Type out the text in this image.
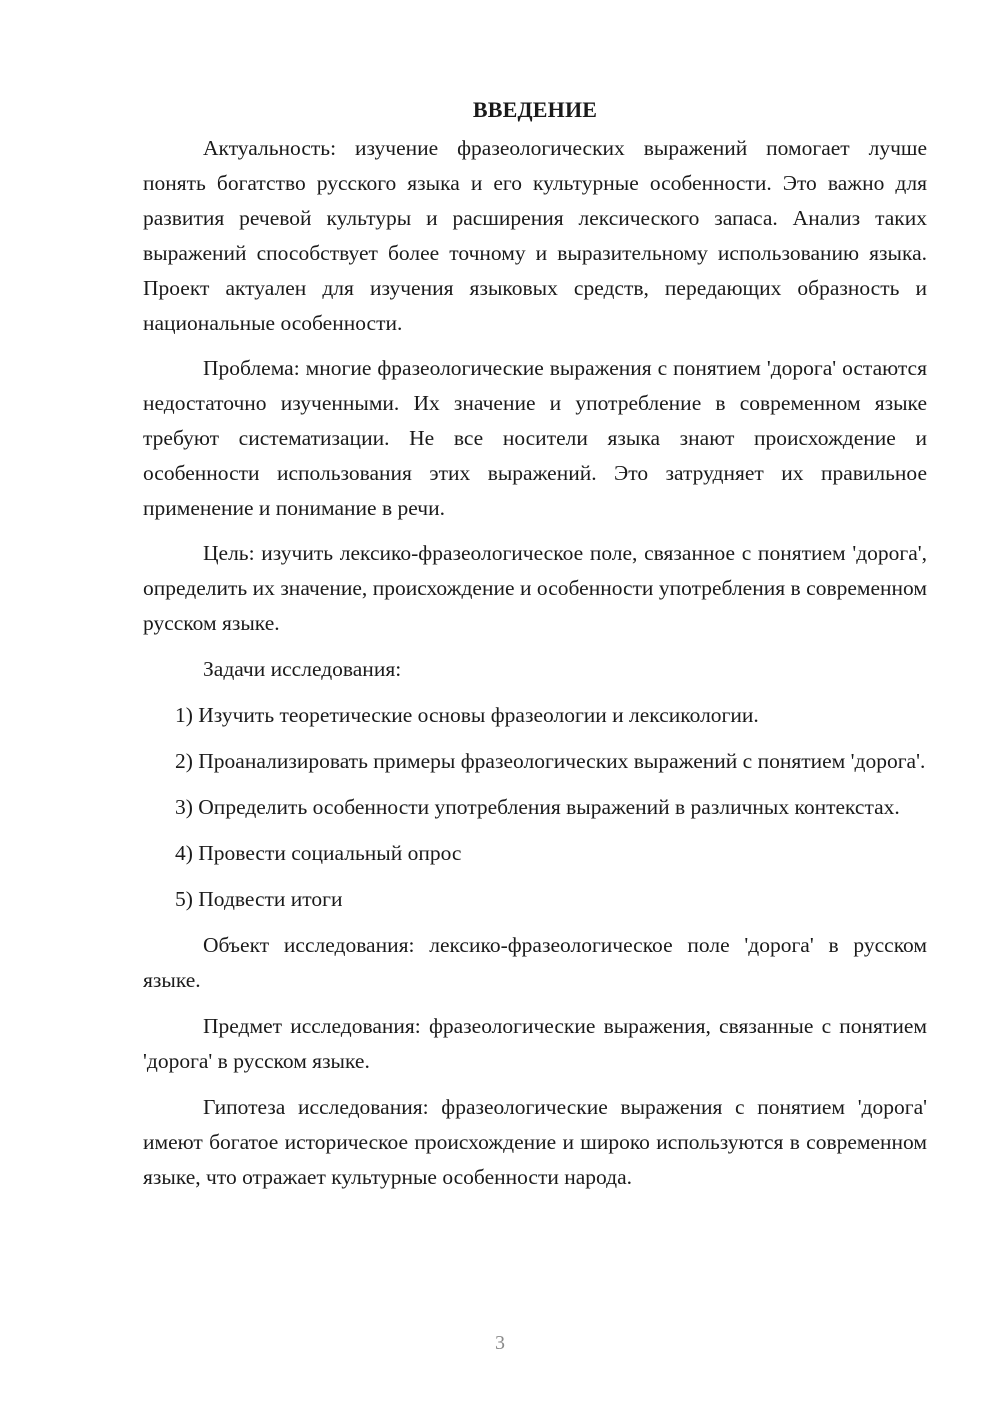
ВВЕДЕНИЕ

Актуальность: изучение фразеологических выражений помогает лучше понять богатство русского языка и его культурные особенности. Это важно для развития речевой культуры и расширения лексического запаса. Анализ таких выражений способствует более точному и выразительному использованию языка. Проект актуален для изучения языковых средств, передающих образность и национальные особенности.

Проблема: многие фразеологические выражения с понятием 'дорога' остаются недостаточно изученными. Их значение и употребление в современном языке требуют систематизации. Не все носители языка знают происхождение и особенности использования этих выражений. Это затрудняет их правильное применение и понимание в речи.

Цель: изучить лексико-фразеологическое поле, связанное с понятием 'дорога', определить их значение, происхождение и особенности употребления в современном русском языке.

Задачи исследования:

1) Изучить теоретические основы фразеологии и лексикологии.

2) Проанализировать примеры фразеологических выражений с понятием 'дорога'.

3) Определить особенности употребления выражений в различных контекстах.

4) Провести социальный опрос

5) Подвести итоги

Объект исследования: лексико-фразеологическое поле 'дорога' в русском языке.

Предмет исследования: фразеологические выражения, связанные с понятием 'дорога' в русском языке.

Гипотеза исследования: фразеологические выражения с понятием 'дорога' имеют богатое историческое происхождение и широко используются в современном языке, что отражает культурные особенности народа.

3
